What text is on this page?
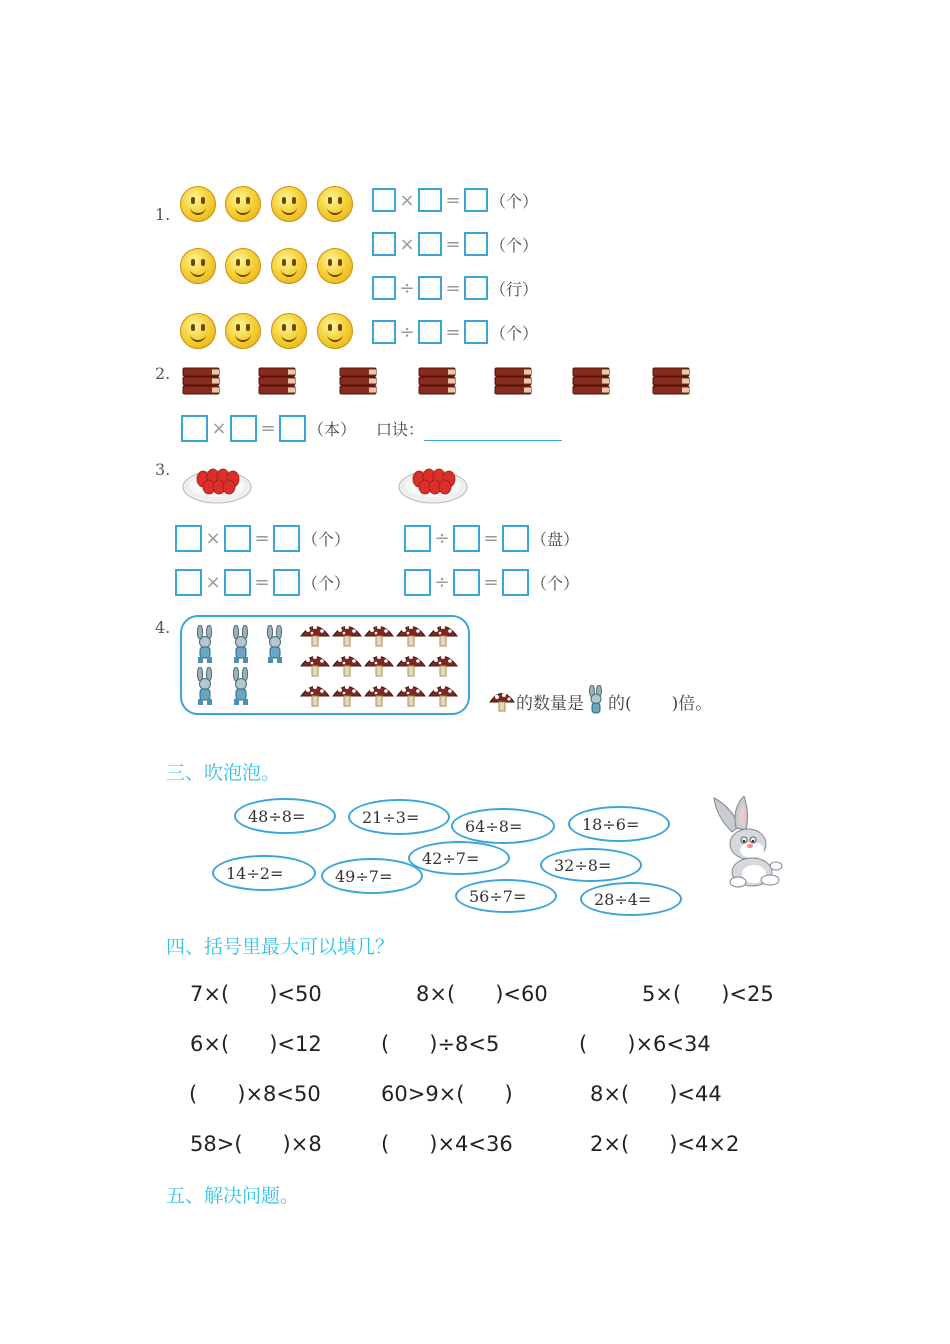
1.
× = （个）
× = （个）
÷ = （行）
÷ = （个）
2.
× = （本） 口诀：
3.
× = （个）
× = （个）
÷ = （盘）
÷ = （个）
4.
的数量是 的( )倍。
三、吹泡泡。
48÷8=	21÷3=	64÷8=	18÷6=
14÷2=	49÷7=
42÷7=	32÷8=
56÷7=	28÷4=
四、括号里最大可以填几？
7×(      )<50	8×(      )<60	5×(      )<25
6×(      )<12	(      )÷8<5	(      )×6<34
(      )×8<50	60>9×(      )	8×(      )<44
58>(      )×8	(      )×4<36	2×(      )<4×2
五、解决问题。
